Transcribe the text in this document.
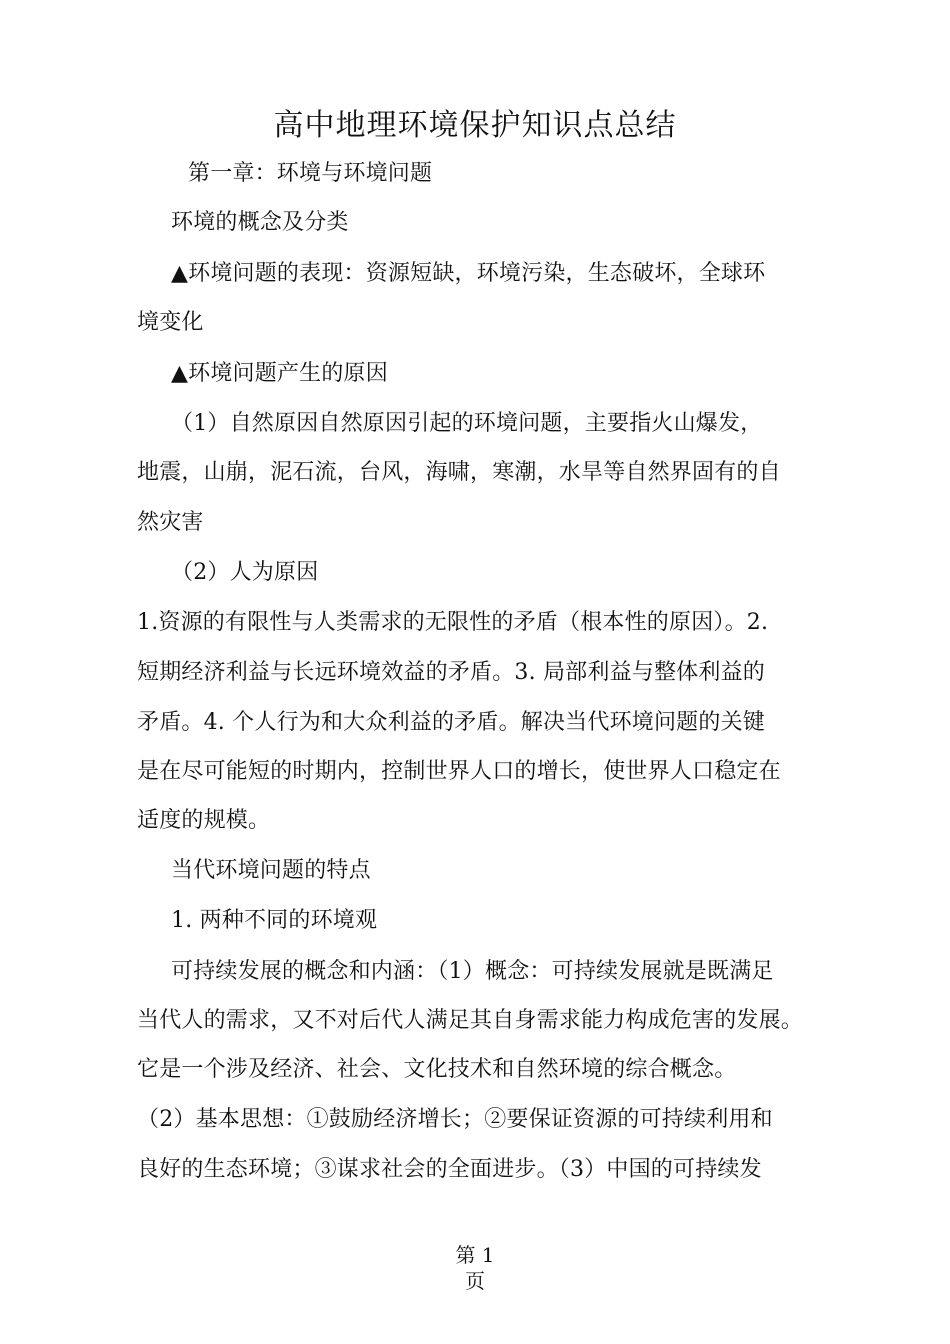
高中地理环境保护知识点总结
第一章：环境与环境问题
环境的概念及分类
▲环境问题的表现：资源短缺，环境污染，生态破坏，全球环
境变化
▲环境问题产生的原因
（1）自然原因自然原因引起的环境问题，主要指火山爆发，
地震，山崩，泥石流，台风，海啸，寒潮，水旱等自然界固有的自
然灾害
（2）人为原因
1.资源的有限性与人类需求的无限性的矛盾（根本性的原因）。2.
短期经济利益与长远环境效益的矛盾。3. 局部利益与整体利益的
矛盾。4. 个人行为和大众利益的矛盾。解决当代环境问题的关键
是在尽可能短的时期内，控制世界人口的增长，使世界人口稳定在
适度的规模。
当代环境问题的特点
1. 两种不同的环境观
可持续发展的概念和内涵：（1）概念：可持续发展就是既满足
当代人的需求，又不对后代人满足其自身需求能力构成危害的发展。
它是一个涉及经济、社会、文化技术和自然环境的综合概念。
（2）基本思想：①鼓励经济增长；②要保证资源的可持续利用和
良好的生态环境；③谋求社会的全面进步。（3）中国的可持续发
第 1
页
